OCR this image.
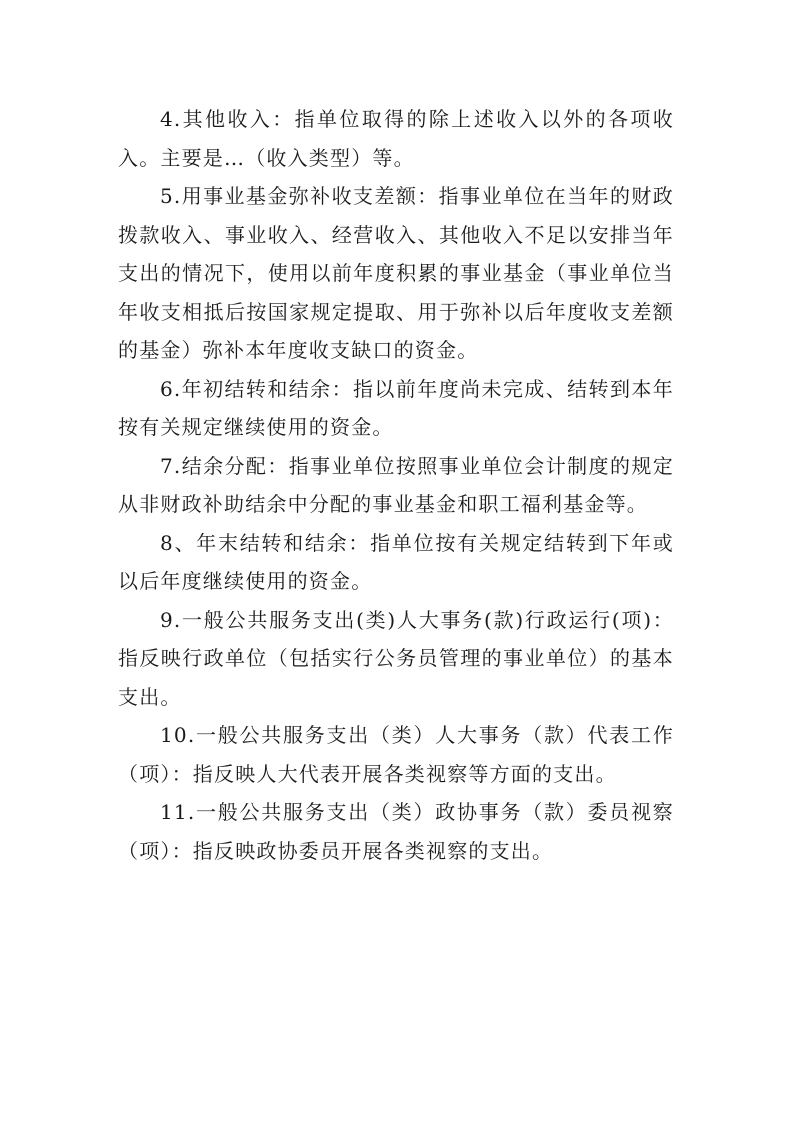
4.其他收入：指单位取得的除上述收入以外的各项收入。主要是…（收入类型）等。

5.用事业基金弥补收支差额：指事业单位在当年的财政拨款收入、事业收入、经营收入、其他收入不足以安排当年支出的情况下，使用以前年度积累的事业基金（事业单位当年收支相抵后按国家规定提取、用于弥补以后年度收支差额的基金）弥补本年度收支缺口的资金。

6.年初结转和结余：指以前年度尚未完成、结转到本年按有关规定继续使用的资金。

7.结余分配：指事业单位按照事业单位会计制度的规定从非财政补助结余中分配的事业基金和职工福利基金等。

8、年末结转和结余：指单位按有关规定结转到下年或以后年度继续使用的资金。

9.一般公共服务支出(类)人大事务(款)行政运行(项)：指反映行政单位（包括实行公务员管理的事业单位）的基本支出。

10.一般公共服务支出（类）人大事务（款）代表工作（项）：指反映人大代表开展各类视察等方面的支出。

11.一般公共服务支出（类）政协事务（款）委员视察（项）：指反映政协委员开展各类视察的支出。
